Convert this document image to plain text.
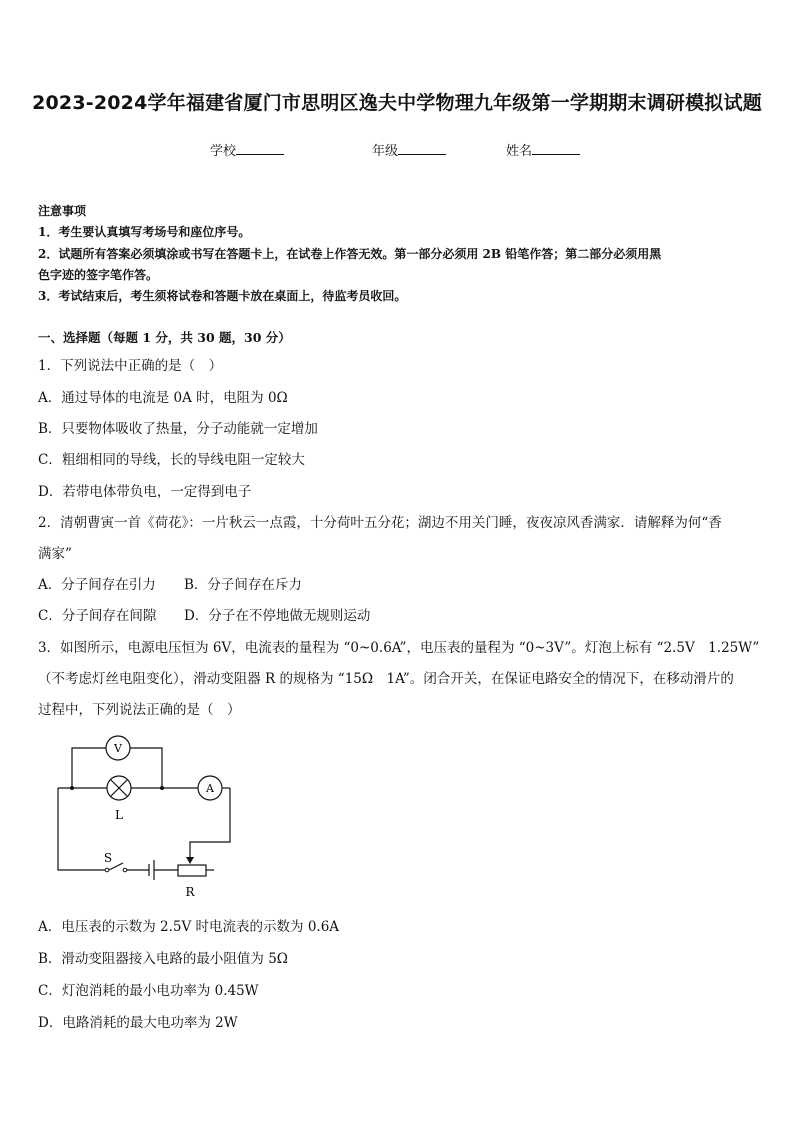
2023-2024学年福建省厦门市思明区逸夫中学物理九年级第一学期期末调研模拟试题
学校	年级	姓名
注意事项
1．考生要认真填写考场号和座位序号。
2．试题所有答案必须填涂或书写在答题卡上，在试卷上作答无效。第一部分必须用 2B 铅笔作答；第二部分必须用黑
色字迹的签字笔作答。
3．考试结束后，考生须将试卷和答题卡放在桌面上，待监考员收回。
一、选择题（每题 1 分，共 30 题，30 分）
1．下列说法中正确的是（　）
A．通过导体的电流是 0A 时，电阻为 0Ω
B．只要物体吸收了热量，分子动能就一定增加
C．粗细相同的导线，长的导线电阻一定较大
D．若带电体带负电，一定得到电子
2．清朝曹寅一首《荷花》：一片秋云一点霞，十分荷叶五分花；湖边不用关门睡，夜夜凉风香满家．请解释为何“香
满家”
A．分子间存在引力 B．分子间存在斥力
C．分子间存在间隙 D．分子在不停地做无规则运动
3．如图所示，电源电压恒为 6V，电流表的量程为 “0~0.6A”，电压表的量程为 “0~3V”。灯泡上标有 “2.5V　1.25W”
（不考虑灯丝电阻变化），滑动变阻器 R 的规格为 “15Ω　1A”。闭合开关，在保证电路安全的情况下，在移动滑片的
过程中，下列说法正确的是（　）
V
L
A
S
R
A．电压表的示数为 2.5V 时电流表的示数为 0.6A
B．滑动变阻器接入电路的最小阻值为 5Ω
C．灯泡消耗的最小电功率为 0.45W
D．电路消耗的最大电功率为 2W
